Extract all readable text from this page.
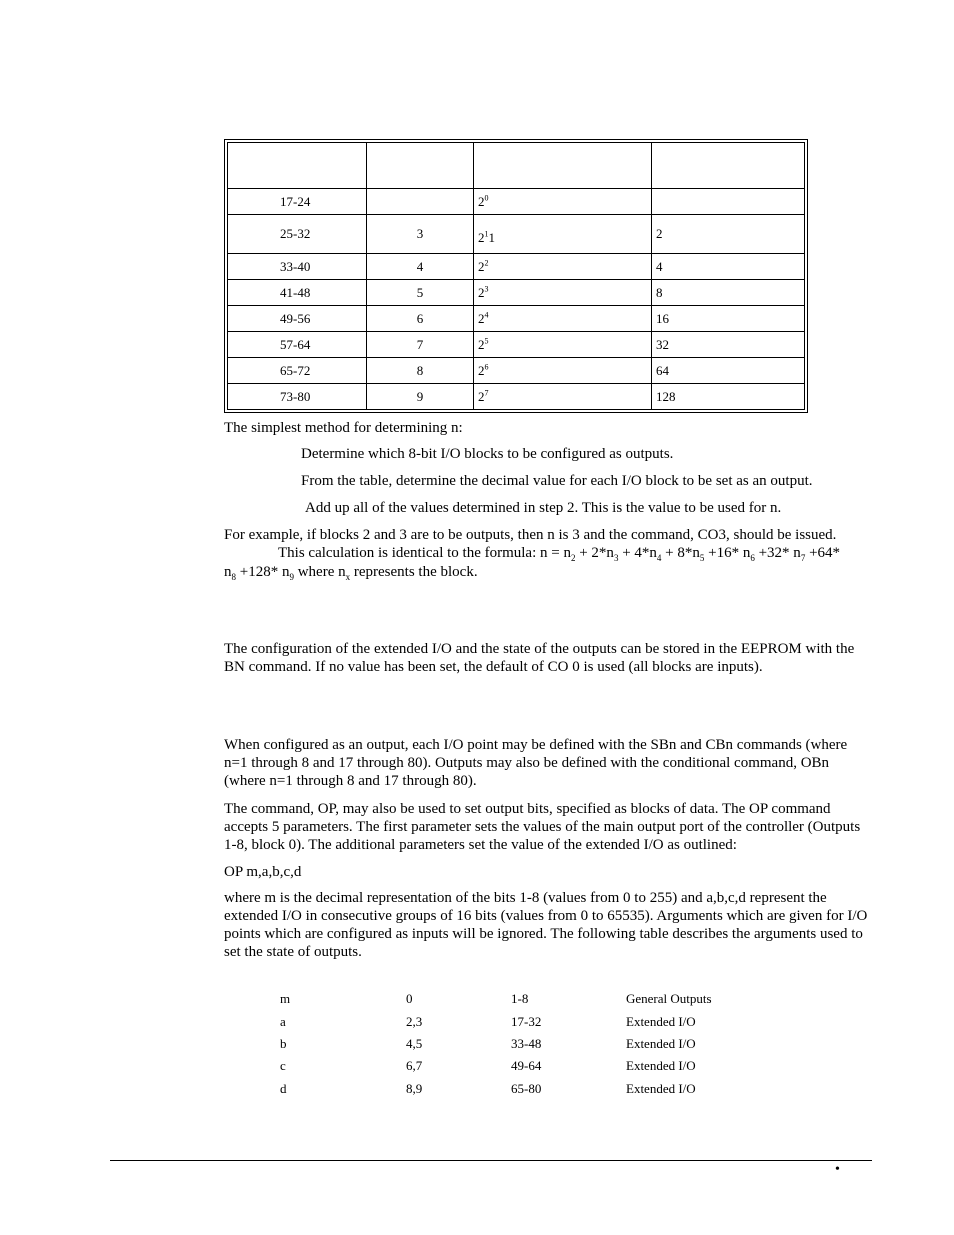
17-24		$2^0$	
25-32	3	$2^11$	2
33-40	4	$2^2$	4
41-48	5	$2^3$	8
49-56	6	$2^4$	16
57-64	7	$2^5$	32
65-72	8	$2^6$	64
73-80	9	$2^7$	128
The simplest method for determining n:
Determine which 8-bit I/O blocks to be configured as outputs.
From the table, determine the decimal value for each I/O block to be set as an output.
Add up all of the values determined in step 2. This is the value to be used for n.
For example, if blocks 2 and 3 are to be outputs, then n is 3 and the command, CO3, should be issued.
This calculation is identical to the formula: $n = n_2 + 2*n_3 + 4*n_4 + 8*n_5 +16*$ $n_6 +32*$ $n_7 +64*$
$n_8 +128*$ $n_9$ where $n_x$ represents the block.
The configuration of the extended I/O and the state of the outputs can be stored in the EEPROM with the BN command. If no value has been set, the default of CO 0 is used (all blocks are inputs).
When configured as an output, each I/O point may be defined with the SBn and CBn commands (where n=1 through 8 and 17 through 80). Outputs may also be defined with the conditional command, OBn (where n=1 through 8 and 17 through 80).
The command, OP, may also be used to set output bits, specified as blocks of data. The OP command accepts 5 parameters. The first parameter sets the values of the main output port of the controller (Outputs 1-8, block 0). The additional parameters set the value of the extended I/O as outlined:
OP m,a,b,c,d
where m is the decimal representation of the bits 1-8 (values from 0 to 255) and a,b,c,d represent the extended I/O in consecutive groups of 16 bits (values from 0 to 65535). Arguments which are given for I/O points which are configured as inputs will be ignored. The following table describes the arguments used to set the state of outputs.
m	0	1-8	General Outputs
a	2,3	17-32	Extended I/O
b	4,5	33-48	Extended I/O
c	6,7	49-64	Extended I/O
d	8,9	65-80	Extended I/O
•
